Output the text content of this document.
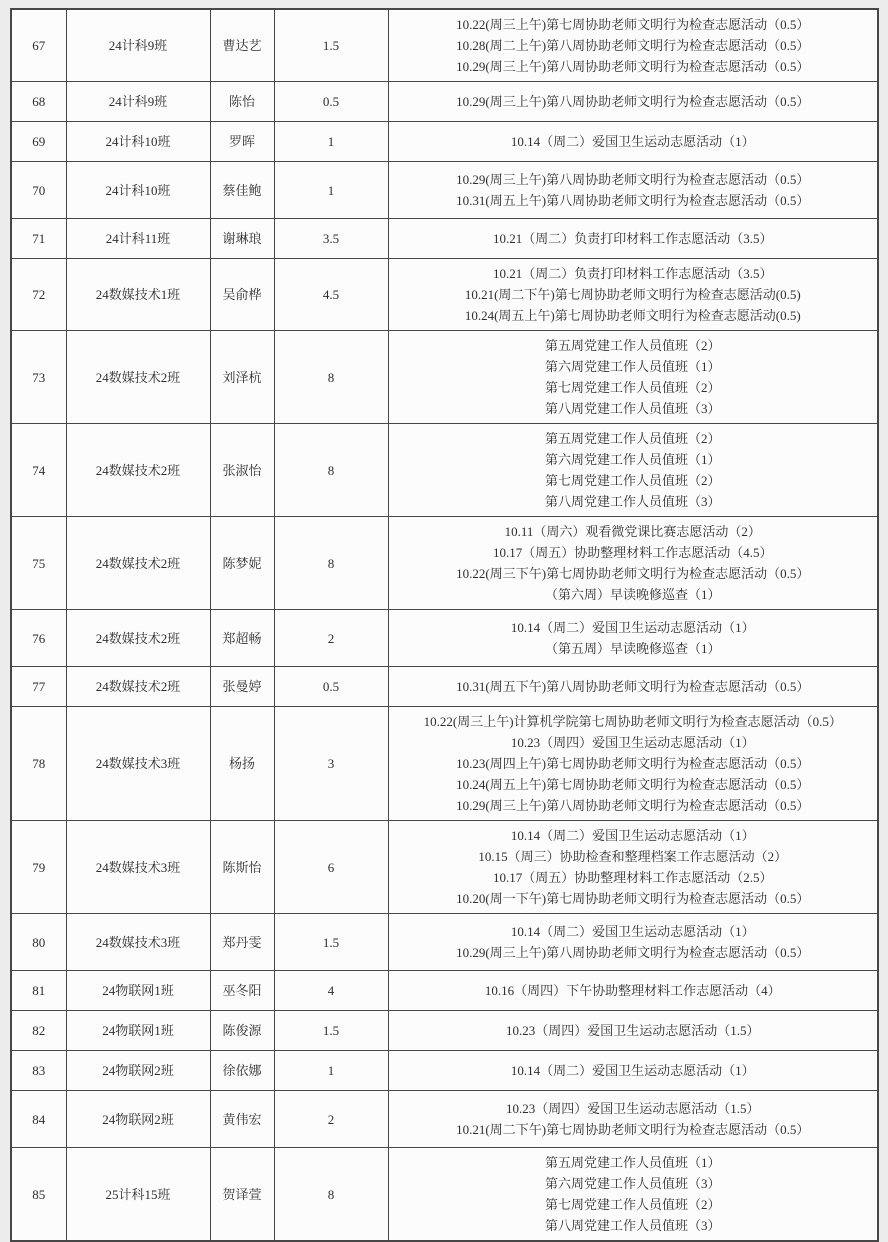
67	24计科9班	曹达艺	1.5	10.22(周三上午)第七周协助老师文明行为检查志愿活动（0.5）
10.28(周二上午)第八周协助老师文明行为检查志愿活动（0.5）
10.29(周三上午)第八周协助老师文明行为检查志愿活动（0.5）

68	24计科9班	陈怡	0.5	10.29(周三上午)第八周协助老师文明行为检查志愿活动（0.5）

69	24计科10班	罗晖	1	10.14（周二）爱国卫生运动志愿活动（1）

70	24计科10班	蔡佳鲍	1	10.29(周三上午)第八周协助老师文明行为检查志愿活动（0.5）
10.31(周五上午)第八周协助老师文明行为检查志愿活动（0.5）

71	24计科11班	谢琳琅	3.5	10.21（周二）负责打印材料工作志愿活动（3.5）

72	24数媒技术1班	吴俞桦	4.5	10.21（周二）负责打印材料工作志愿活动（3.5）
10.21(周二下午)第七周协助老师文明行为检查志愿活动(0.5)
10.24(周五上午)第七周协助老师文明行为检查志愿活动(0.5)

73	24数媒技术2班	刘泽杭	8	第五周党建工作人员值班（2）
第六周党建工作人员值班（1）
第七周党建工作人员值班（2）
第八周党建工作人员值班（3）

74	24数媒技术2班	张淑怡	8	第五周党建工作人员值班（2）
第六周党建工作人员值班（1）
第七周党建工作人员值班（2）
第八周党建工作人员值班（3）

75	24数媒技术2班	陈梦妮	8	10.11（周六）观看微党课比赛志愿活动（2）
10.17（周五）协助整理材料工作志愿活动（4.5）
10.22(周三下午)第七周协助老师文明行为检查志愿活动（0.5）
（第六周）早读晚修巡查（1）

76	24数媒技术2班	郑超畅	2	10.14（周二）爱国卫生运动志愿活动（1）
（第五周）早读晚修巡查（1）

77	24数媒技术2班	张曼婷	0.5	10.31(周五下午)第八周协助老师文明行为检查志愿活动（0.5）

78	24数媒技术3班	杨扬	3	10.22(周三上午)计算机学院第七周协助老师文明行为检查志愿活动（0.5）
10.23（周四）爱国卫生运动志愿活动（1）
10.23(周四上午)第七周协助老师文明行为检查志愿活动（0.5）
10.24(周五上午)第七周协助老师文明行为检查志愿活动（0.5）
10.29(周三上午)第八周协助老师文明行为检查志愿活动（0.5）

79	24数媒技术3班	陈斯怡	6	10.14（周二）爱国卫生运动志愿活动（1）
10.15（周三）协助检查和整理档案工作志愿活动（2）
10.17（周五）协助整理材料工作志愿活动（2.5）
10.20(周一下午)第七周协助老师文明行为检查志愿活动（0.5）

80	24数媒技术3班	郑丹雯	1.5	10.14（周二）爱国卫生运动志愿活动（1）
10.29(周三上午)第八周协助老师文明行为检查志愿活动（0.5）

81	24物联网1班	巫冬阳	4	10.16（周四）下午协助整理材料工作志愿活动（4）

82	24物联网1班	陈俊源	1.5	10.23（周四）爱国卫生运动志愿活动（1.5）

83	24物联网2班	徐依娜	1	10.14（周二）爱国卫生运动志愿活动（1）

84	24物联网2班	黄伟宏	2	10.23（周四）爱国卫生运动志愿活动（1.5）
10.21(周二下午)第七周协助老师文明行为检查志愿活动（0.5）

85	25计科15班	贺译萱	8	第五周党建工作人员值班（1）
第六周党建工作人员值班（3）
第七周党建工作人员值班（2）
第八周党建工作人员值班（3）
